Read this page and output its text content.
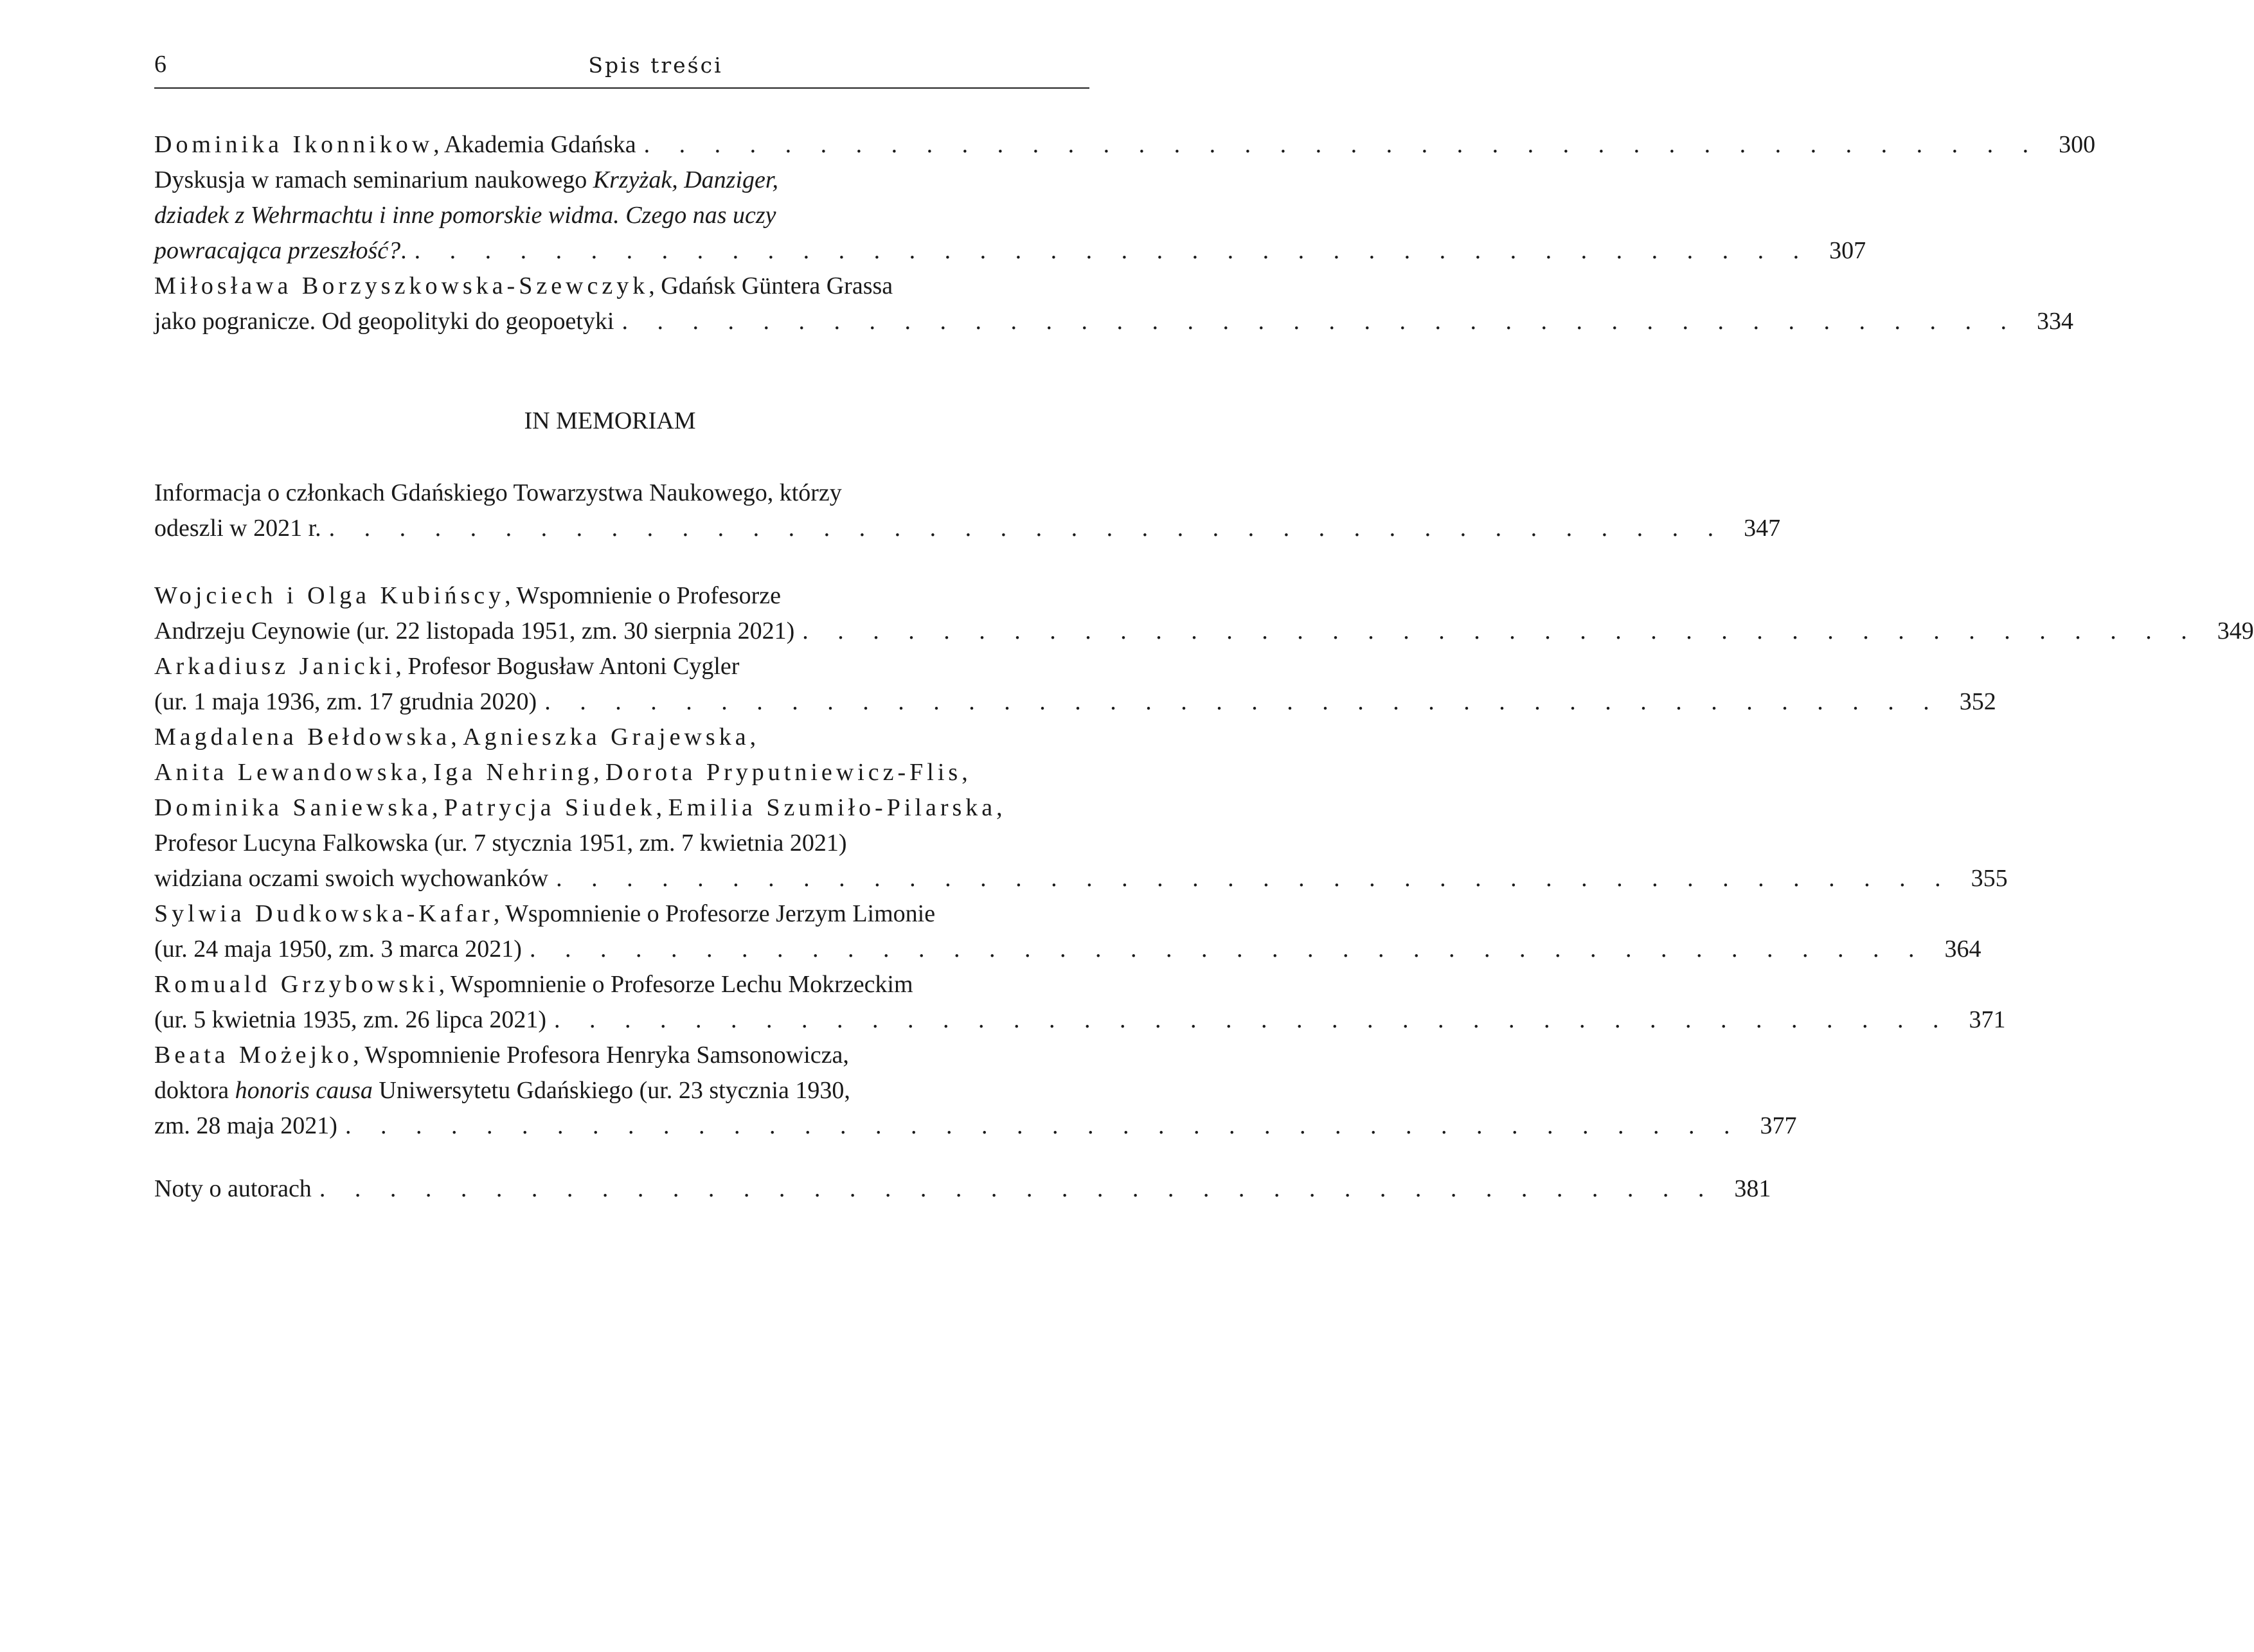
6	Spis treści
Dominika Ikonnikow, Akademia Gdańska . . . . . . . . . . . . . . . . . . . . . . . . . . . . . . . . . . . . . . . . 300
Dyskusja w ramach seminarium naukowego Krzyżak, Danziger,
dziadek z Wehrmachtu i inne pomorskie widma. Czego nas uczy
powracająca przeszłość?. . . . . . . . . . . . . . . . . . . . . . . . . . . . . . . . . . . . . . . . . 307
Miłosława Borzyszkowska-Szewczyk, Gdańsk Güntera Grassa
jako pogranicze. Od geopolityki do geopoetyki . . . . . . . . . . . . . . . . . . . . . . . . . . . . . . . . . . . . . . . . 334
IN MEMORIAM
Informacja o członkach Gdańskiego Towarzystwa Naukowego, którzy
odeszli w 2021 r. . . . . . . . . . . . . . . . . . . . . . . . . . . . . . . . . . . . . . . . . 347
Wojciech i Olga Kubińscy, Wspomnienie o Profesorze
Andrzeju Ceynowie (ur. 22 listopada 1951, zm. 30 sierpnia 2021) . . . . . . . . . . . . . . . . . . . . . . . . . . . . . . . . . . . . . . . . 349
Arkadiusz Janicki, Profesor Bogusław Antoni Cygler
(ur. 1 maja 1936, zm. 17 grudnia 2020) . . . . . . . . . . . . . . . . . . . . . . . . . . . . . . . . . . . . . . . . 352
Magdalena Bełdowska, Agnieszka Grajewska,
Anita Lewandowska, Iga Nehring, Dorota Pryputniewicz-Flis,
Dominika Saniewska, Patrycja Siudek, Emilia Szumiło-Pilarska,
Profesor Lucyna Falkowska (ur. 7 stycznia 1951, zm. 7 kwietnia 2021)
widziana oczami swoich wychowanków . . . . . . . . . . . . . . . . . . . . . . . . . . . . . . . . . . . . . . . . 355
Sylwia Dudkowska-Kafar, Wspomnienie o Profesorze Jerzym Limonie
(ur. 24 maja 1950, zm. 3 marca 2021) . . . . . . . . . . . . . . . . . . . . . . . . . . . . . . . . . . . . . . . . 364
Romuald Grzybowski, Wspomnienie o Profesorze Lechu Mokrzeckim
(ur. 5 kwietnia 1935, zm. 26 lipca 2021) . . . . . . . . . . . . . . . . . . . . . . . . . . . . . . . . . . . . . . . . 371
Beata Możejko, Wspomnienie Profesora Henryka Samsonowicza,
doktora honoris causa Uniwersytetu Gdańskiego (ur. 23 stycznia 1930,
zm. 28 maja 2021) . . . . . . . . . . . . . . . . . . . . . . . . . . . . . . . . . . . . . . . . 377
Noty o autorach . . . . . . . . . . . . . . . . . . . . . . . . . . . . . . . . . . . . . . . . 381
